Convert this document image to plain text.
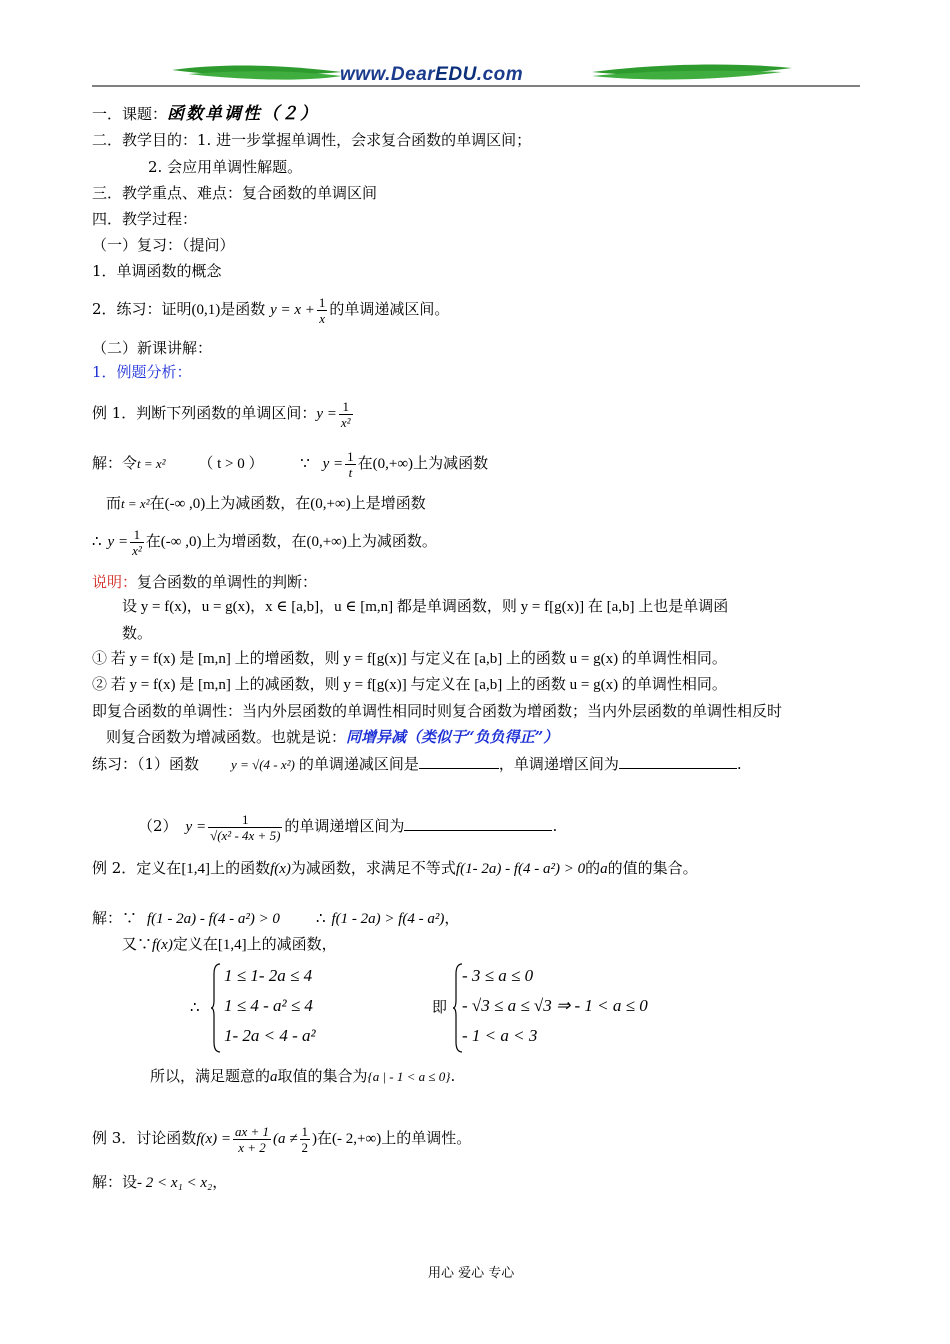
www.DearEDU.com
一．课题：函数单调性（２）
二．教学目的：1. 进一步掌握单调性，会求复合函数的单调区间；
2. 会应用单调性解题。
三．教学重点、难点：复合函数的单调区间
四．教学过程：
（一）复习：（提问）
1．单调函数的概念
2．练习：证明(0,1)是函数 $y = x + \frac{1}{x}$ 的单调递减区间。
（二）新课讲解：
1．例题分析：
例 1．判断下列函数的单调区间：$y = \frac{1}{\text{x²}}$
解：令t = x² （ t > 0 ） ∵ $y = \frac{1}{t}$ 在(0,+∞)上为减函数
而t = x²在(-∞ ,0)上为减函数，在(0,+∞)上是增函数
∴ $y = \frac{1}{\text{x²}}$ 在(-∞ ,0)上为增函数，在(0,+∞)上为减函数。
说明：复合函数的单调性的判断：
设 y = f(x)，u = g(x)，x ∈ [a,b]，u ∈ [m,n] 都是单调函数，则 y = f[g(x)] 在 [a,b] 上也是单调函
数。
① 若 y = f(x) 是 [m,n] 上的增函数，则 y = f[g(x)] 与定义在 [a,b] 上的函数 u = g(x) 的单调性相同。
② 若 y = f(x) 是 [m,n] 上的减函数，则 y = f[g(x)] 与定义在 [a,b] 上的函数 u = g(x) 的单调性相同。
即复合函数的单调性：当内外层函数的单调性相同时则复合函数为增函数；当内外层函数的单调性相反时
则复合函数为增减函数。也就是说：同增异减（类似于“负负得正”）
练习：（1）函数 y = √(4 - x²) 的单调递减区间是	，单调递增区间为	.
（2） $y = \frac{1}{\text{√(x² - 4x + 5)}}$ 的单调递增区间为	.
例 2．定义在[1,4]上的函数f(x)为减函数，求满足不等式f(1- 2a) - f(4 - a²) > 0的a的值的集合。
解：∵ f(1 - 2a) - f(4 - a²) > 0 ∴ f(1 - 2a) > f(4 - a²)，
又∵f(x)定义在[1,4]上的减函数，
∴
1 ≤ 1- 2a ≤ 4
1 ≤ 4 - a² ≤ 4
1- 2a < 4 - a²
即
- 3 ≤ a ≤ 0
- √3 ≤ a ≤ √3 ⇒ - 1 < a ≤ 0
- 1 < a < 3
所以，满足题意的a取值的集合为{a | - 1 < a ≤ 0}.
例 3．讨论函数$f(x) = \frac{ax + 1}{x + 2} (a \ne \frac{1}{2}$ )在(- 2,+∞)上的单调性。
解：设- 2 < x₁ < x₂，
用心 爱心 专心
